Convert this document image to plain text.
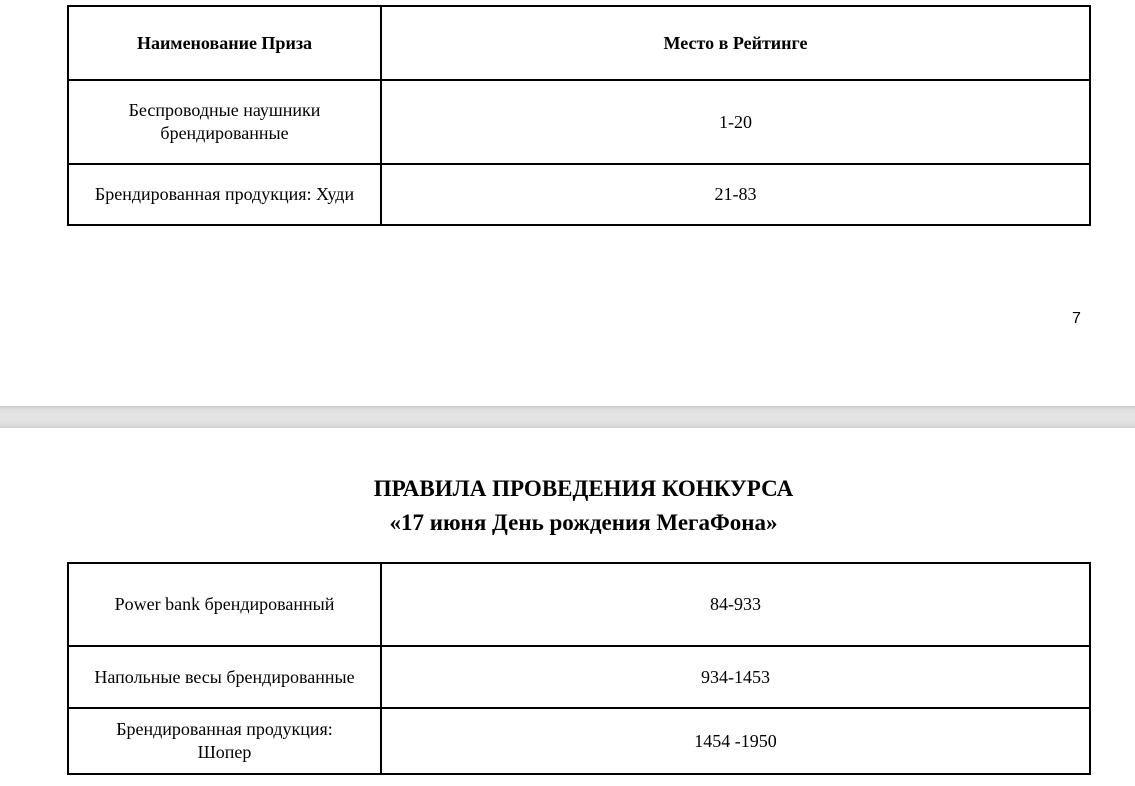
Наименование Приза	Место в Рейтинге
Беспроводные наушники брендированные	1-20
Брендированная продукция: Худи	21-83
7
ПРАВИЛА ПРОВЕДЕНИЯ КОНКУРСА
«17 июня День рождения МегаФона»
Power bank брендированный	84-933
Напольные весы брендированные	934-1453
Брендированная продукция: Шопер	1454 -1950
